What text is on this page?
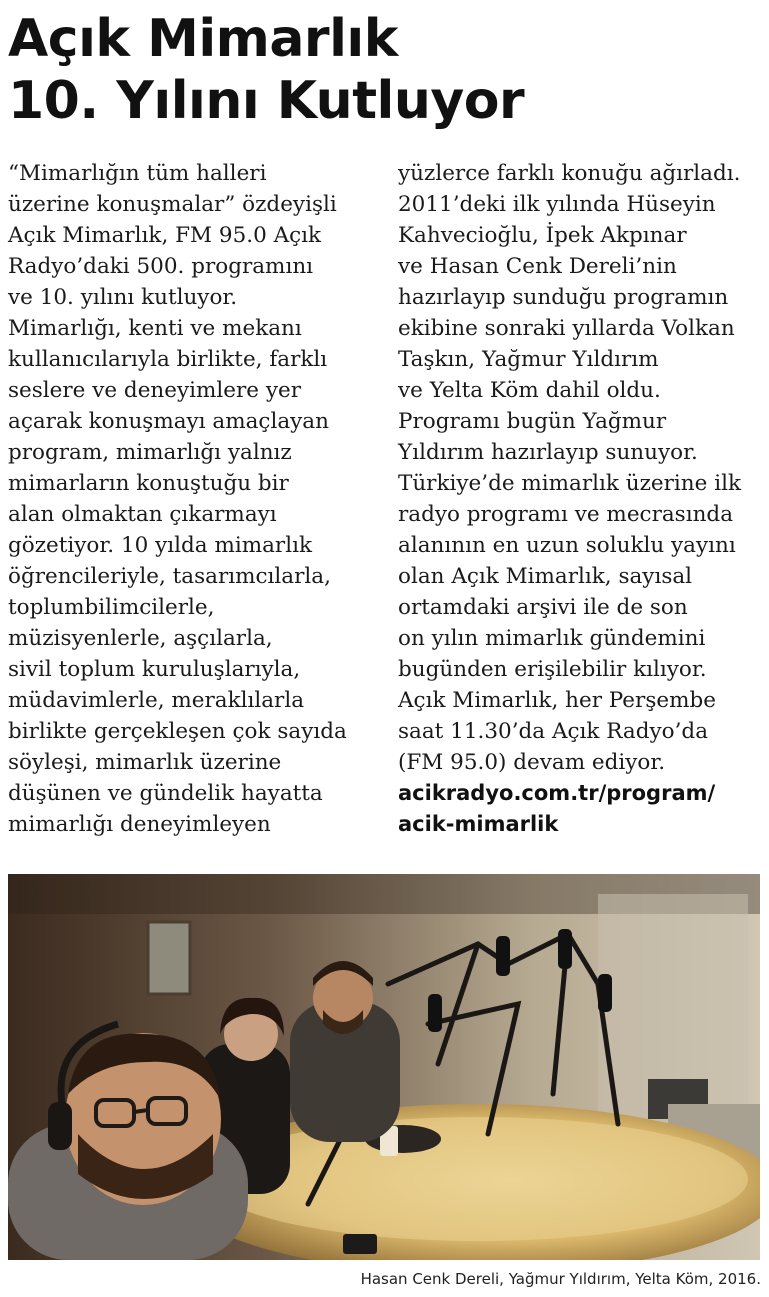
Açık Mimarlık
10. Yılını Kutluyor
“Mimarlığın tüm halleri
üzerine konuşmalar” özdeyişli
Açık Mimarlık, FM 95.0 Açık
Radyo’daki 500. programını
ve 10. yılını kutluyor.
Mimarlığı, kenti ve mekanı
kullanıcılarıyla birlikte, farklı
seslere ve deneyimlere yer
açarak konuşmayı amaçlayan
program, mimarlığı yalnız
mimarların konuştuğu bir
alan olmaktan çıkarmayı
gözetiyor. 10 yılda mimarlık
öğrencileriyle, tasarımcılarla,
toplumbilimcilerle,
müzisyenlerle, aşçılarla,
sivil toplum kuruluşlarıyla,
müdavimlerle, meraklılarla
birlikte gerçekleşen çok sayıda
söyleşi, mimarlık üzerine
düşünen ve gündelik hayatta
mimarlığı deneyimleyen
yüzlerce farklı konuğu ağırladı.
2011’deki ilk yılında Hüseyin
Kahvecioğlu, İpek Akpınar
ve Hasan Cenk Dereli’nin
hazırlayıp sunduğu programın
ekibine sonraki yıllarda Volkan
Taşkın, Yağmur Yıldırım
ve Yelta Köm dahil oldu.
Programı bugün Yağmur
Yıldırım hazırlayıp sunuyor.
Türkiye’de mimarlık üzerine ilk
radyo programı ve mecrasında
alanının en uzun soluklu yayını
olan Açık Mimarlık, sayısal
ortamdaki arşivi ile de son
on yılın mimarlık gündemini
bugünden erişilebilir kılıyor.
Açık Mimarlık, her Perşembe
saat 11.30’da Açık Radyo’da
(FM 95.0) devam ediyor.
acikradyo.com.tr/program/
acik-mimarlik
Hasan Cenk Dereli, Yağmur Yıldırım, Yelta Köm, 2016.
